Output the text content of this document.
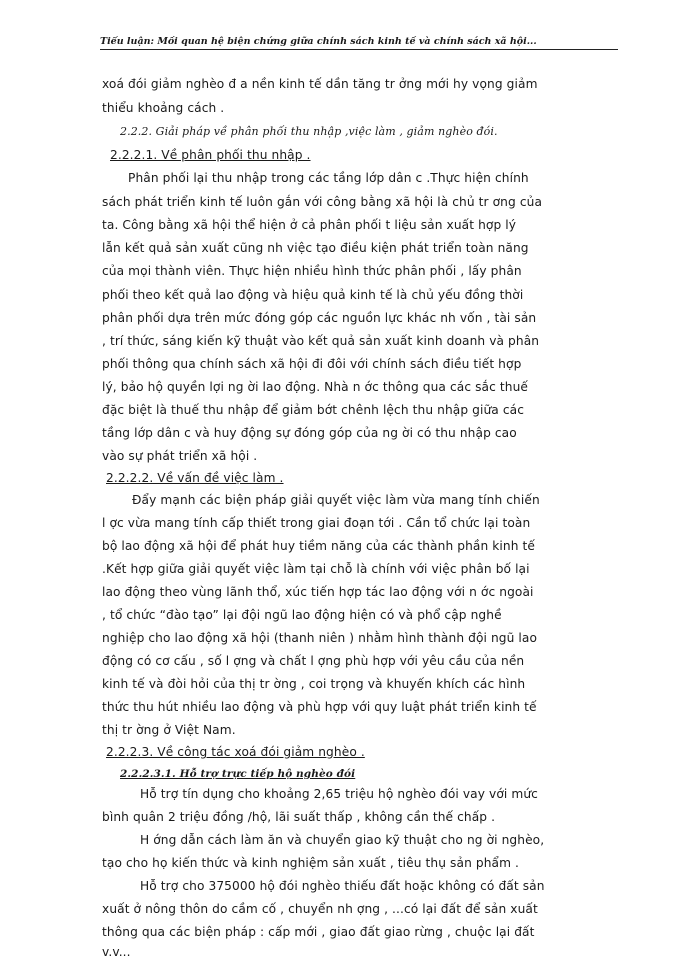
Tiểu luận: Mối quan hệ biện chứng giữa chính sách kinh tế và chính sách xã hội...
xoá đói giảm nghèo đ a nền kinh tế dần tăng tr ởng mới hy vọng giảm
thiểu khoảng cách .
2.2.2. Giải pháp về phân phối thu nhập ,việc làm , giảm nghèo đói.
2.2.2.1. Về phân phối thu nhập .
Phân phối lại thu nhập trong các tầng lớp dân c .Thực hiện chính
sách phát triển kinh tế luôn gắn với công bằng xã hội là chủ tr ơng của
ta. Công bằng xã hội thể hiện ở cả phân phối t liệu sản xuất hợp lý
lẫn kết quả sản xuất cũng nh việc tạo điều kiện phát triển toàn năng
của mọi thành viên. Thực hiện nhiều hình thức phân phối , lấy phân
phối theo kết quả lao động và hiệu quả kinh tế là chủ yếu đồng thời
phân phối dựa trên mức đóng góp các nguồn lực khác nh vốn , tài sản
, trí thức, sáng kiến kỹ thuật vào kết quả sản xuất kinh doanh và phân
phối thông qua chính sách xã hội đi đôi với chính sách điều tiết hợp
lý, bảo hộ quyền lợi ng ời lao động. Nhà n ớc thông qua các sắc thuế
đặc biệt là thuế thu nhập để giảm bớt chênh lệch thu nhập giữa các
tầng lớp dân c và huy động sự đóng góp của ng ời có thu nhập cao
vào sự phát triển xã hội .
2.2.2.2. Về vấn đề việc làm .
Đẩy mạnh các biện pháp giải quyết việc làm vừa mang tính chiến
l ợc vừa mang tính cấp thiết trong giai đoạn tới . Cần tổ chức lại toàn
bộ lao động xã hội để phát huy tiềm năng của các thành phần kinh tế
.Kết hợp giữa giải quyết việc làm tại chỗ là chính với việc phân bố lại
lao động theo vùng lãnh thổ, xúc tiến hợp tác lao động với n ớc ngoài
, tổ chức “đào tạo” lại đội ngũ lao động hiện có và phổ cập nghề
nghiệp cho lao động xã hội (thanh niên ) nhằm hình thành đội ngũ lao
động có cơ cấu , số l ợng và chất l ợng phù hợp với yêu cầu của nền
kinh tế và đòi hỏi của thị tr ờng , coi trọng và khuyến khích các hình
thức thu hút nhiều lao động và phù hợp với quy luật phát triển kinh tế
thị tr ờng ở Việt Nam.
2.2.2.3. Về công tác xoá đói giảm nghèo .
2.2.2.3.1. Hỗ trợ trực tiếp hộ nghèo đói
Hỗ trợ tín dụng cho khoảng 2,65 triệu hộ nghèo đói vay với mức
bình quân 2 triệu đồng /hộ, lãi suất thấp , không cần thế chấp .
H ớng dẫn cách làm ăn và chuyển giao kỹ thuật cho ng ời nghèo,
tạo cho họ kiến thức và kinh nghiệm sản xuất , tiêu thụ sản phẩm .
Hỗ trợ cho 375000 hộ đói nghèo thiếu đất hoặc không có đất sản
xuất ở nông thôn do cầm cố , chuyển nh ợng , ...có lại đất để sản xuất
thông qua các biện pháp : cấp mới , giao đất giao rừng , chuộc lại đất
v.v...
